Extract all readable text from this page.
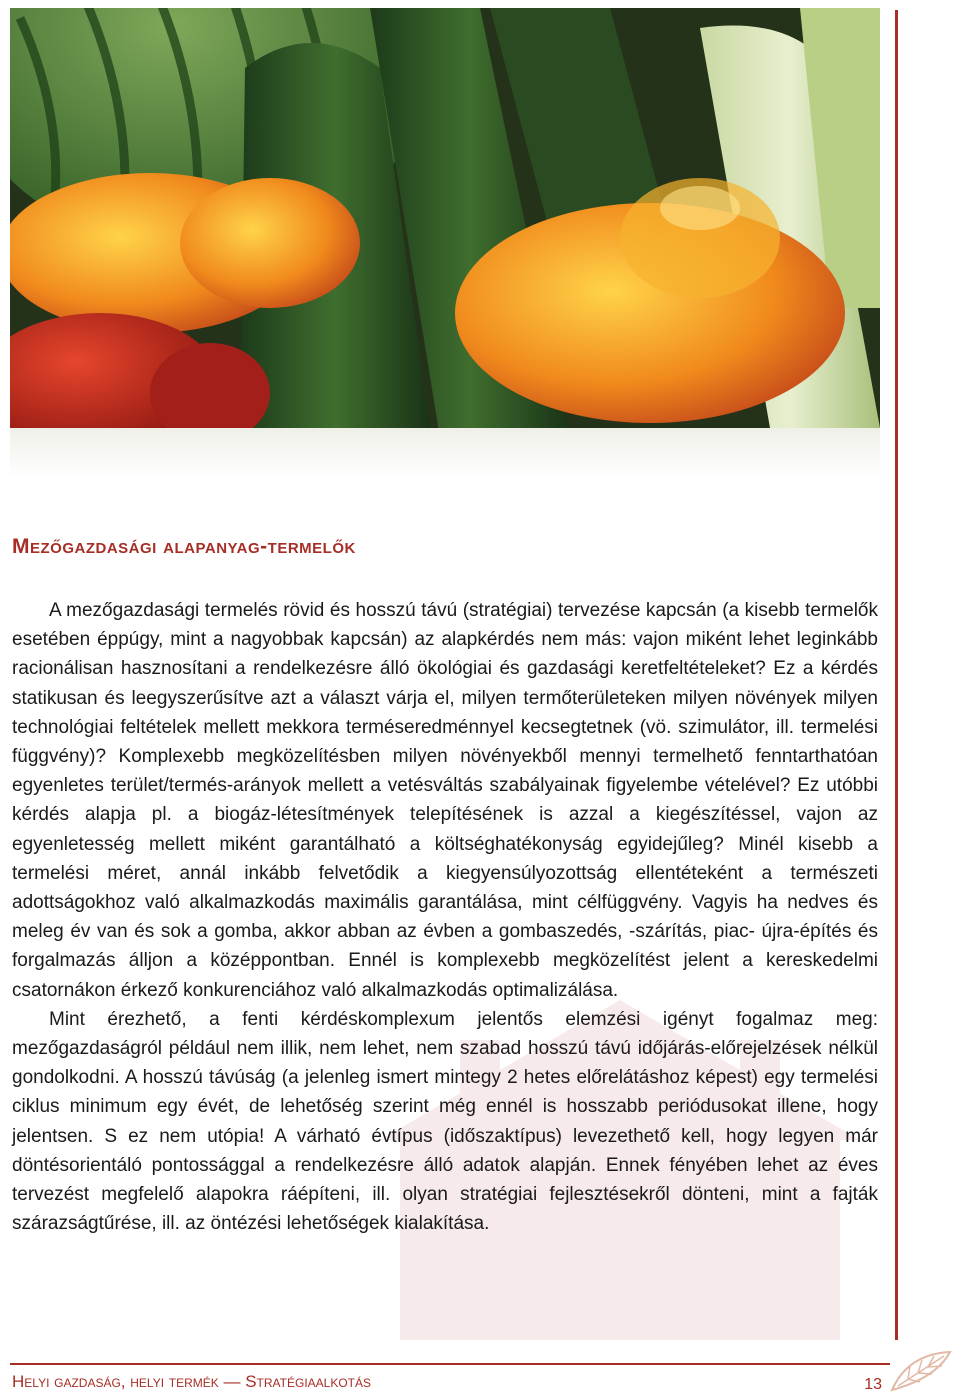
Mezőgazdasági alapanyag-termelők

A mezőgazdasági termelés rövid és hosszú távú (stratégiai) tervezése kapcsán (a kisebb termelők esetében éppúgy, mint a nagyobbak kapcsán) az alapkérdés nem más: vajon miként lehet leginkább racionálisan hasznosítani a rendelkezésre álló ökológiai és gazdasági keretfeltételeket? Ez a kérdés statikusan és leegyszerűsítve azt a választ várja el, milyen termőterületeken milyen növények milyen technológiai feltételek mellett mekkora terméseredménnyel kecsegtetnek (vö. szimulátor, ill. termelési függvény)? Komplexebb megközelítésben milyen növényekből mennyi termelhető fenntarthatóan egyenletes terület/termés-arányok mellett a vetésváltás szabályainak figyelembe vételével? Ez utóbbi kérdés alapja pl. a biogáz-létesítmények telepítésének is azzal a kiegészítéssel, vajon az egyenletesség mellett miként garantálható a költséghatékonyság egyidejűleg? Minél kisebb a termelési méret, annál inkább felvetődik a kiegyensúlyozottság ellentéteként a természeti adottságokhoz való alkalmazkodás maximális garantálása, mint célfüggvény. Vagyis ha nedves és meleg év van és sok a gomba, akkor abban az évben a gombaszedés, -szárítás, piac- újra-építés és forgalmazás álljon a középpontban. Ennél is komplexebb megközelítést jelent a kereskedelmi csatornákon érkező konkurenciához való alkalmazkodás optimalizálása.

Mint érezhető, a fenti kérdéskomplexum jelentős elemzési igényt fogalmaz meg: mezőgazdaságról például nem illik, nem lehet, nem szabad hosszú távú időjárás-előrejelzések nélkül gondolkodni. A hosszú távúság (a jelenleg ismert mintegy 2 hetes előrelátáshoz képest) egy termelési ciklus minimum egy évét, de lehetőség szerint még ennél is hosszabb periódusokat illene, hogy jelentsen. S ez nem utópia! A várható évtípus (időszaktípus) levezethető kell, hogy legyen már döntésorientáló pontossággal a rendelkezésre álló adatok alapján. Ennek fényében lehet az éves tervezést megfelelő alapokra ráépíteni, ill. olyan stratégiai fejlesztésekről dönteni, mint a fajták szárazságtűrése, ill. az öntézési lehetőségek kialakítása.

Helyi gazdaság, helyi termék — Stratégiaalkotás	13
